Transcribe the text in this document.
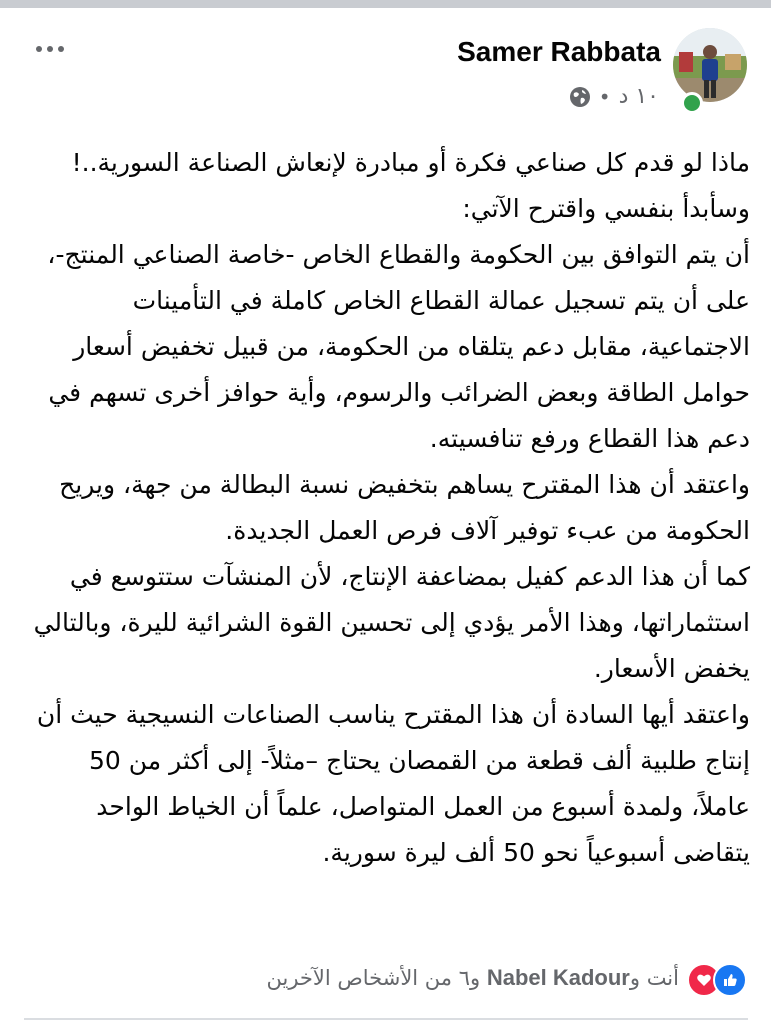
Samer Rabbata
• ١٠ د

ماذا لو قدم كل صناعي فكرة أو مبادرة لإنعاش الصناعة السورية..!

وسأبدأ بنفسي واقترح الآتي:

أن يتم التوافق بين الحكومة والقطاع الخاص -خاصة الصناعي المنتج-، على أن يتم تسجيل عمالة القطاع الخاص كاملة في التأمينات الاجتماعية، مقابل دعم يتلقاه من الحكومة، من قبيل تخفيض أسعار حوامل الطاقة وبعض الضرائب والرسوم، وأية حوافز أخرى تسهم في دعم هذا القطاع ورفع تنافسيته.

واعتقد أن هذا المقترح يساهم بتخفيض نسبة البطالة من جهة، ويريح الحكومة من عبء توفير آلاف فرص العمل الجديدة.

كما أن هذا الدعم كفيل بمضاعفة الإنتاج، لأن المنشآت ستتوسع في استثماراتها، وهذا الأمر يؤدي إلى تحسين القوة الشرائية لليرة، وبالتالي يخفض الأسعار.

واعتقد أيها السادة أن هذا المقترح يناسب الصناعات النسيجية حيث أن إنتاج طلبية ألف قطعة من القمصان يحتاج –مثلاً- إلى أكثر من 50 عاملاً، ولمدة أسبوع من العمل المتواصل، علماً أن الخياط الواحد يتقاضى أسبوعياً نحو 50 ألف ليرة سورية.

أنت وNabel Kadour و٦ من الأشخاص الآخرين
